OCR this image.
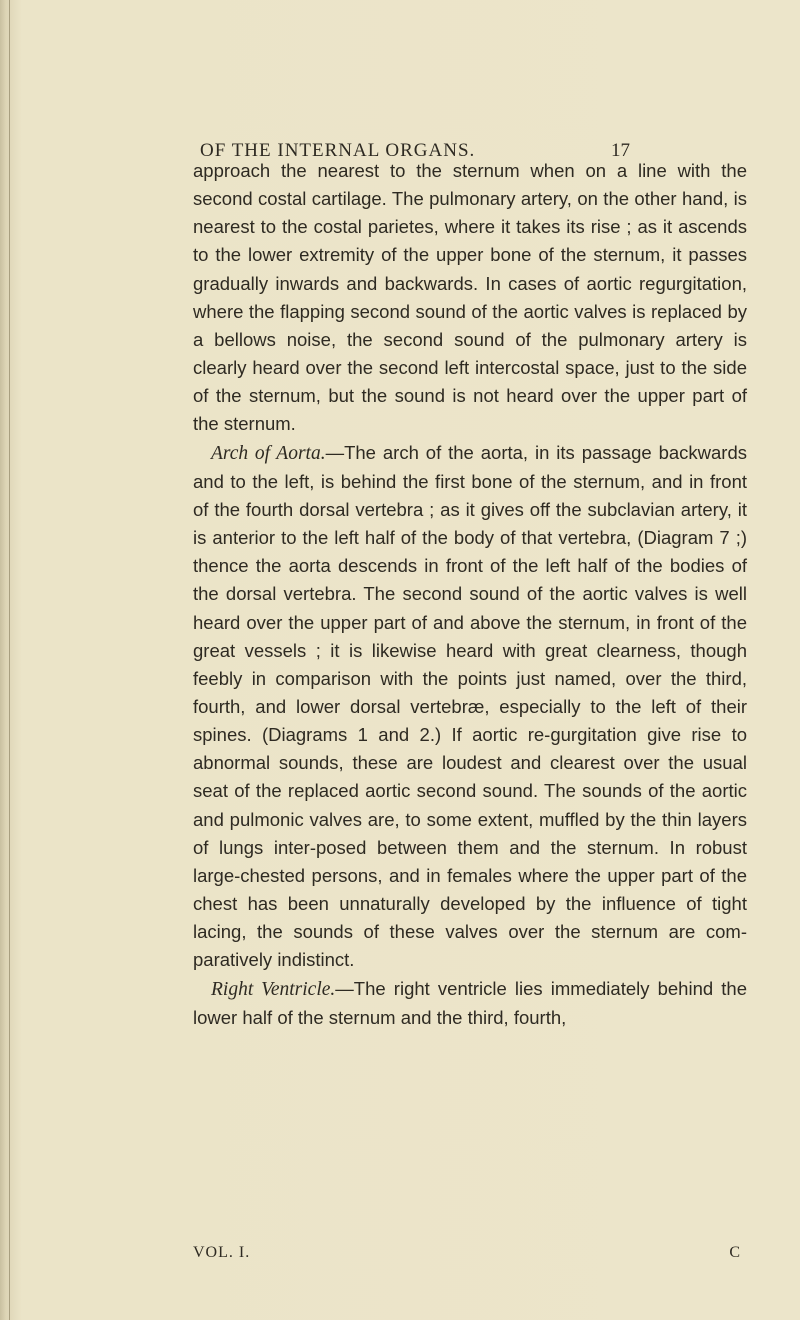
OF THE INTERNAL ORGANS.	17

approach the nearest to the sternum when on a line with the second costal cartilage. The pulmonary artery, on the other hand, is nearest to the costal parietes, where it takes its rise ; as it ascends to the lower extremity of the upper bone of the sternum, it passes gradually inwards and backwards. In cases of aortic regurgitation, where the flapping second sound of the aortic valves is replaced by a bellows noise, the second sound of the pulmonary artery is clearly heard over the second left intercostal space, just to the side of the sternum, but the sound is not heard over the upper part of the sternum.

Arch of Aorta.—The arch of the aorta, in its passage backwards and to the left, is behind the first bone of the sternum, and in front of the fourth dorsal vertebra ; as it gives off the subclavian artery, it is anterior to the left half of the body of that vertebra, (Diagram 7 ;) thence the aorta descends in front of the left half of the bodies of the dorsal vertebra. The second sound of the aortic valves is well heard over the upper part of and above the sternum, in front of the great vessels ; it is likewise heard with great clearness, though feebly in comparison with the points just named, over the third, fourth, and lower dorsal vertebræ, especially to the left of their spines. (Diagrams 1 and 2.) If aortic re-gurgitation give rise to abnormal sounds, these are loudest and clearest over the usual seat of the replaced aortic second sound. The sounds of the aortic and pulmonic valves are, to some extent, muffled by the thin layers of lungs inter-posed between them and the sternum. In robust large-chested persons, and in females where the upper part of the chest has been unnaturally developed by the influence of tight lacing, the sounds of these valves over the sternum are com-paratively indistinct.

Right Ventricle.—The right ventricle lies immediately behind the lower half of the sternum and the third, fourth,

VOL. I.	C
